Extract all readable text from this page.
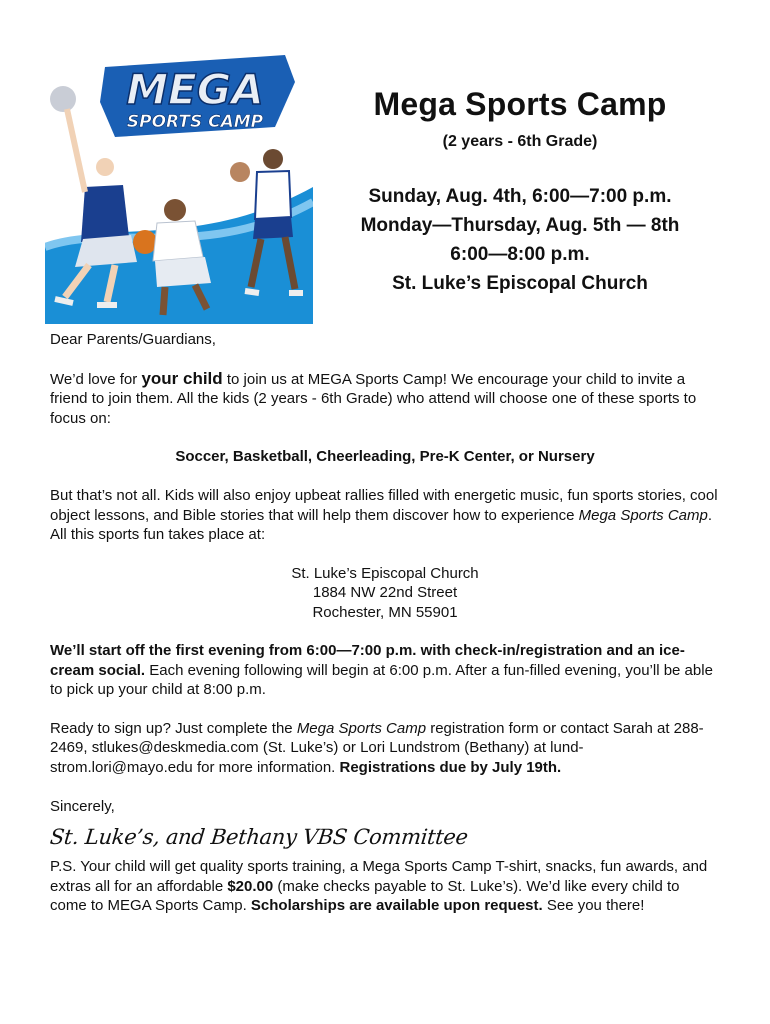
MEGA
SPORTS CAMP	Mega Sports Camp
(2 years - 6th Grade)
Sunday, Aug. 4th, 6:00—7:00 p.m.
Monday—Thursday, Aug. 5th — 8th
6:00—8:00 p.m.
St. Luke’s Episcopal Church

Dear Parents/Guardians,

We’d love for your child to join us at MEGA Sports Camp! We encourage your child to invite a friend to join them. All the kids (2 years - 6th Grade) who attend will choose one of these sports to focus on:

Soccer, Basketball, Cheerleading, Pre-K Center, or Nursery

But that’s not all. Kids will also enjoy upbeat rallies filled with energetic music, fun sports stories, cool object lessons, and Bible stories that will help them discover how to experience Mega Sports Camp. All this sports fun takes place at:

St. Luke’s Episcopal Church
1884 NW 22nd Street
Rochester, MN 55901

We’ll start off the first evening from 6:00—7:00 p.m. with check-in/registration and an ice-cream social. Each evening following will begin at 6:00 p.m. After a fun-filled evening, you’ll be able to pick up your child at 8:00 p.m.

Ready to sign up? Just complete the Mega Sports Camp registration form or contact Sarah at 288-2469, stlukes@deskmedia.com (St. Luke’s) or Lori Lundstrom (Bethany) at lund-strom.lori@mayo.edu for more information. Registrations due by July 19th.

Sincerely,

St. Luke’s, and Bethany VBS Committee

P.S. Your child will get quality sports training, a Mega Sports Camp T-shirt, snacks, fun awards, and extras all for an affordable $20.00 (make checks payable to St. Luke’s). We’d like every child to come to MEGA Sports Camp. Scholarships are available upon request. See you there!
